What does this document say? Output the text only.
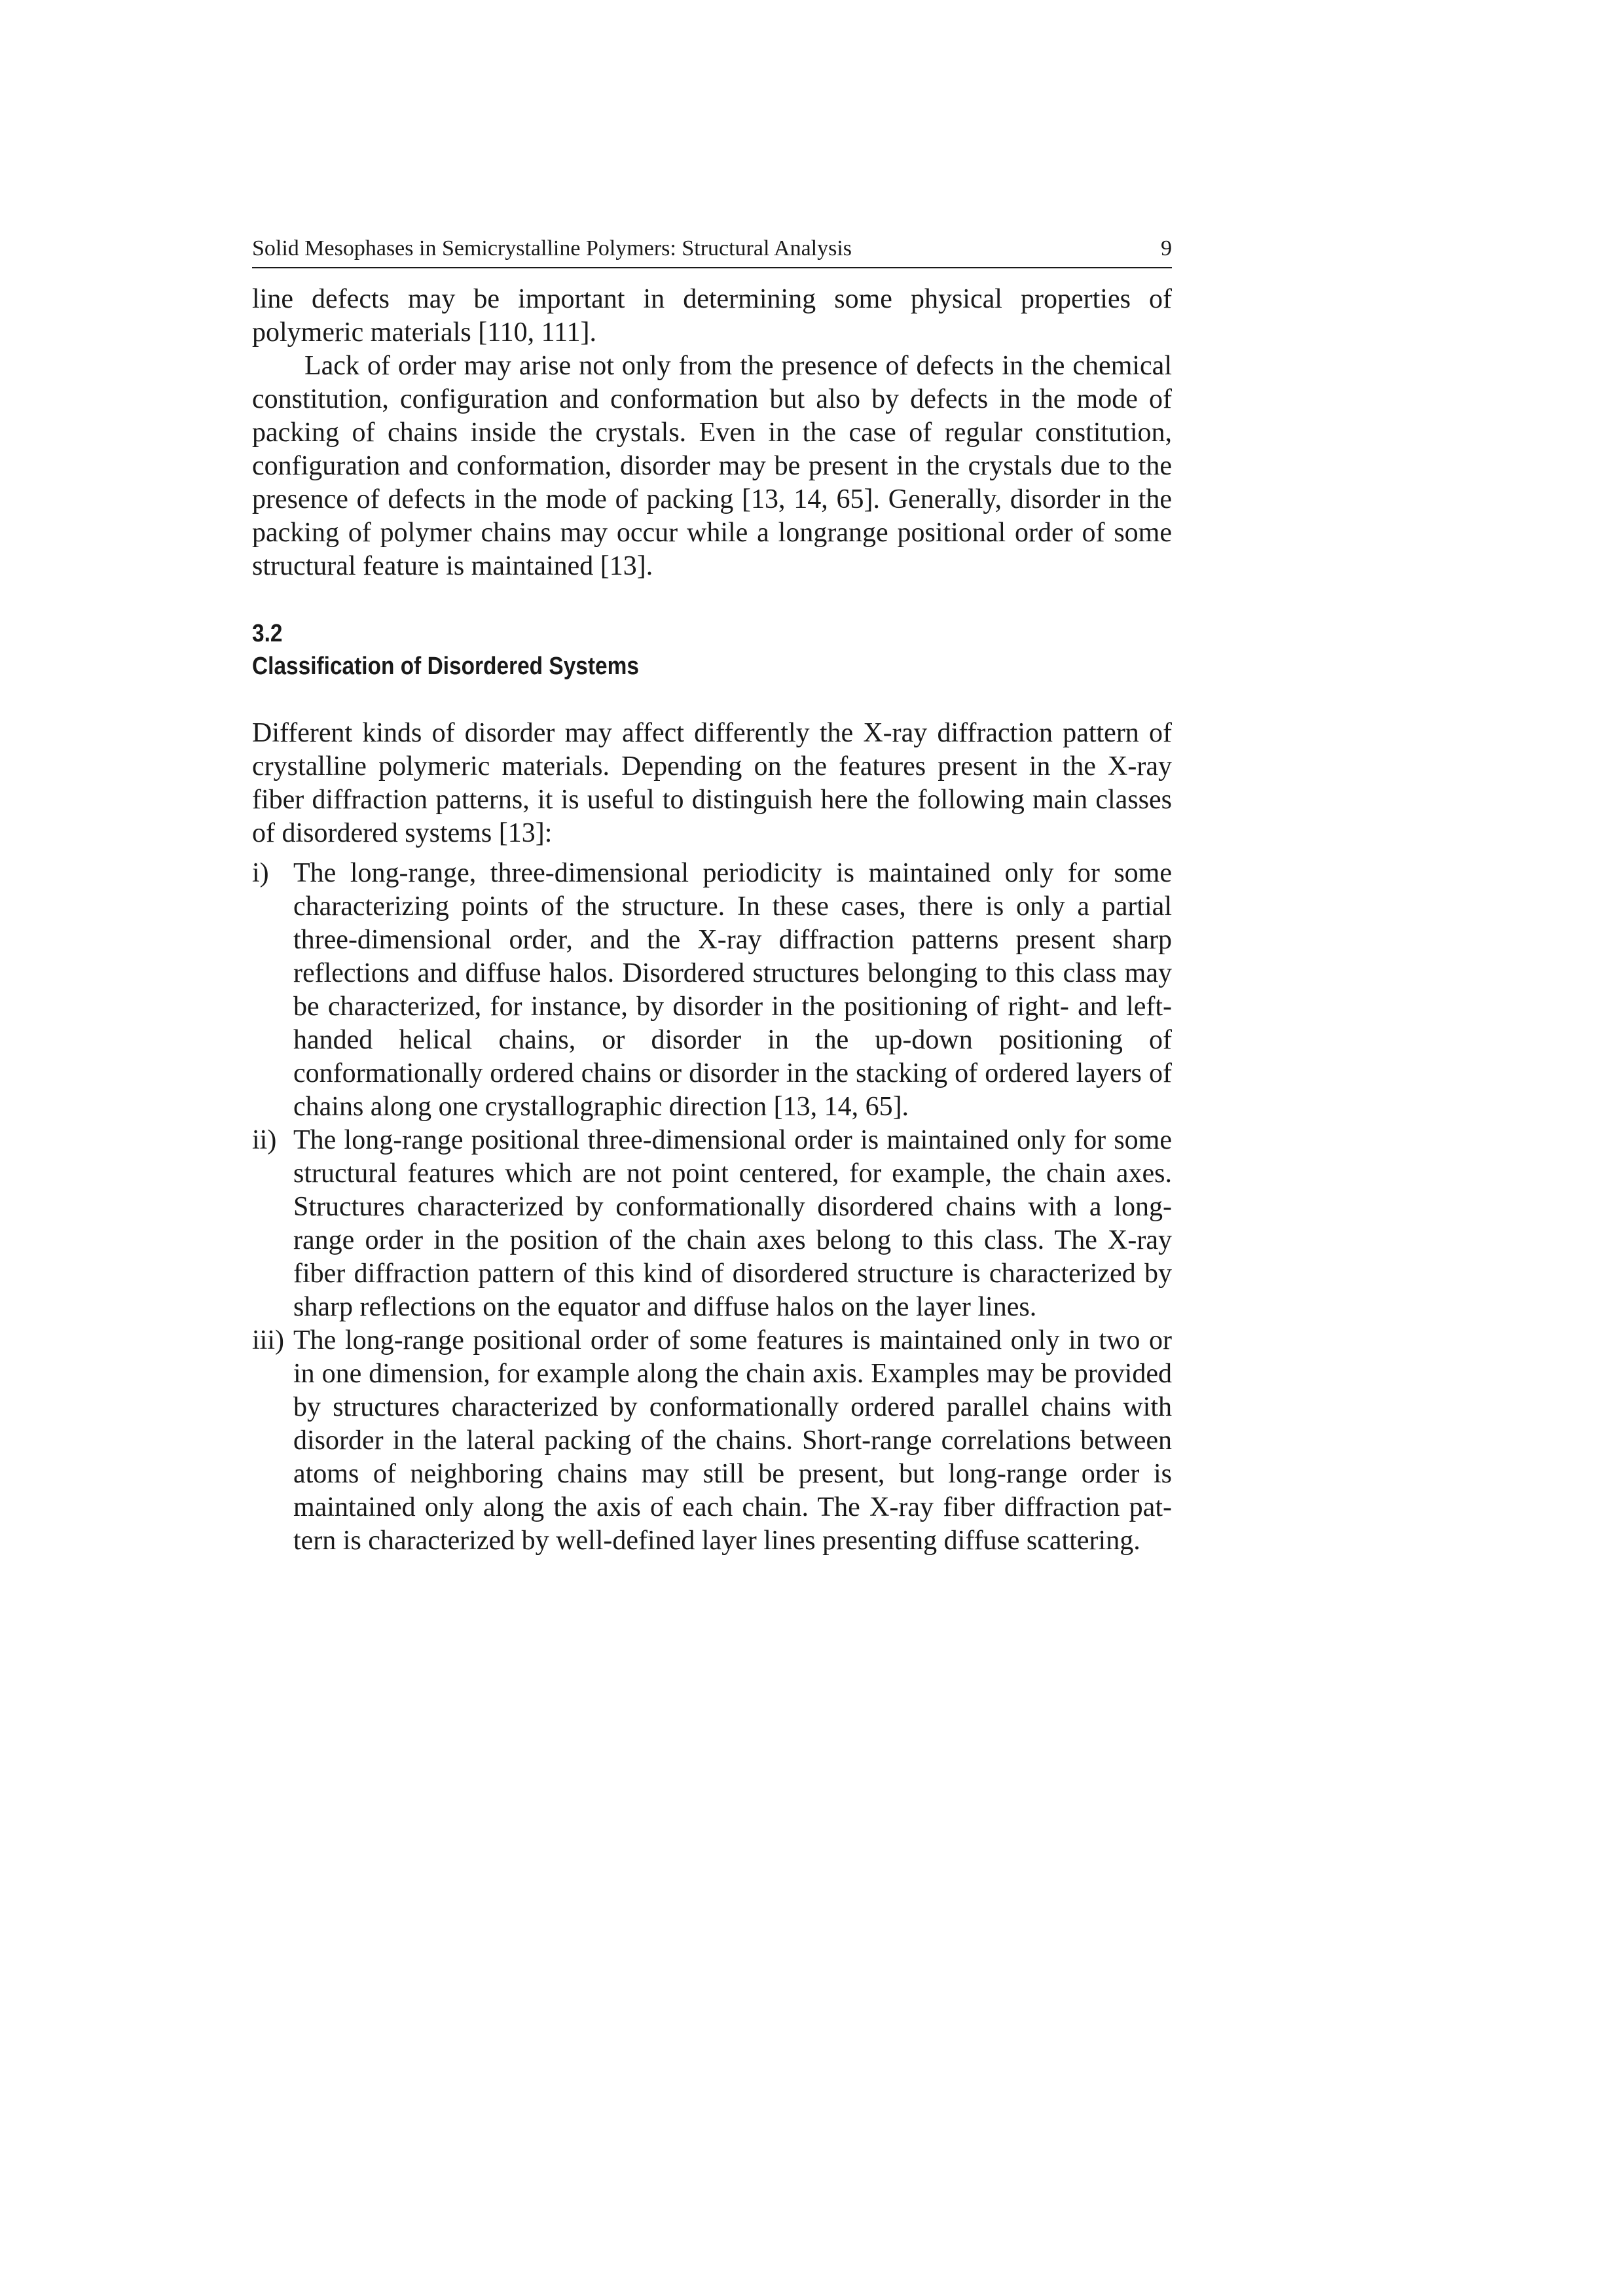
Solid Mesophases in Semicrystalline Polymers: Structural Analysis	9

line defects may be important in determining some physical properties of polymeric materials [110, 111].

Lack of order may arise not only from the presence of defects in the chemical constitution, configuration and conformation but also by defects in the mode of packing of chains inside the crystals. Even in the case of regular constitution, configuration and conformation, disorder may be present in the crystals due to the presence of defects in the mode of packing [13, 14, 65]. Generally, disorder in the packing of polymer chains may occur while a longrange positional order of some structural feature is maintained [13].

3.2
Classification of Disordered Systems

Different kinds of disorder may affect differently the X-ray diffraction pattern of crystalline polymeric materials. Depending on the features present in the X-ray fiber diffraction patterns, it is useful to distinguish here the following main classes of disordered systems [13]:

i) The long-range, three-dimensional periodicity is maintained only for some characterizing points of the structure. In these cases, there is only a partial three-dimensional order, and the X-ray diffraction patterns present sharp reflections and diffuse halos. Disordered structures belonging to this class may be characterized, for instance, by disorder in the positioning of right- and left-handed helical chains, or disorder in the up-down positioning of conformationally ordered chains or disorder in the stacking of ordered layers of chains along one crystallographic direction [13, 14, 65].
ii) The long-range positional three-dimensional order is maintained only for some structural features which are not point centered, for example, the chain axes. Structures characterized by conformationally disordered chains with a long-range order in the position of the chain axes belong to this class. The X-ray fiber diffraction pattern of this kind of disordered structure is characterized by sharp reflections on the equator and diffuse halos on the layer lines.
iii) The long-range positional order of some features is maintained only in two or in one dimension, for example along the chain axis. Examples may be provided by structures characterized by conformationally ordered parallel chains with disorder in the lateral packing of the chains. Short-range correlations between atoms of neighboring chains may still be present, but long-range order is maintained only along the axis of each chain. The X-ray fiber diffraction pattern is characterized by well-defined layer lines presenting diffuse scattering.
